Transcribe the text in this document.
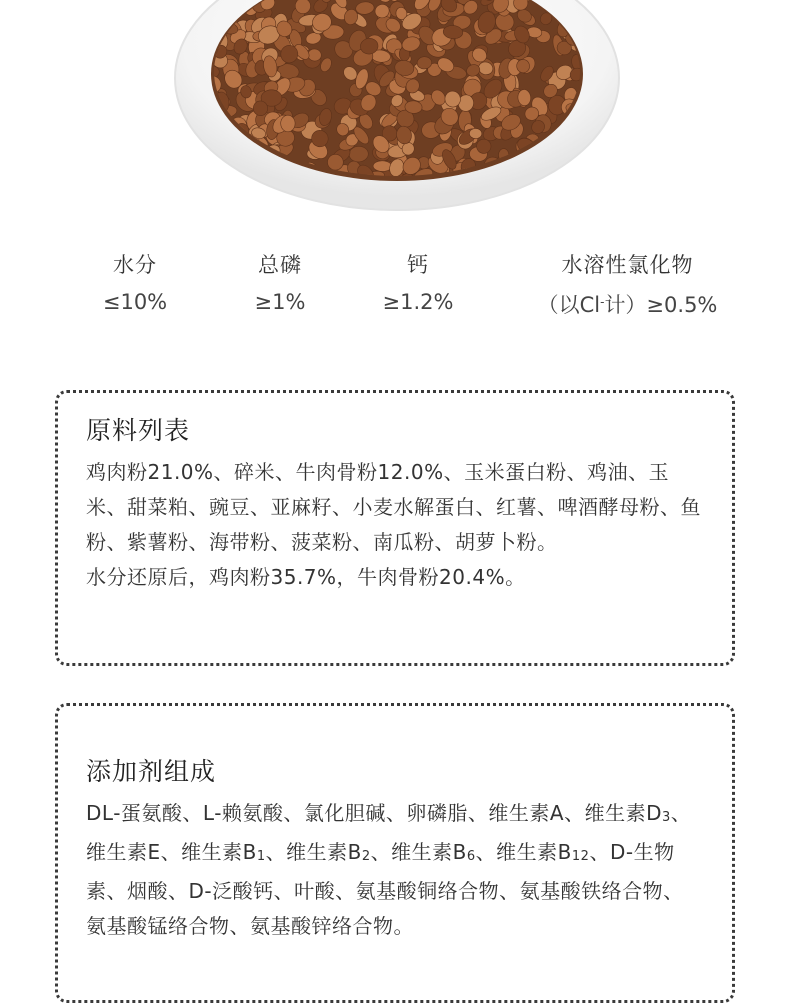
水分
≤10%
总磷
≥1%
钙
≥1.2%
水溶性氯化物
（以Cl-计）≥0.5%
原料列表

鸡肉粉21.0%、碎米、牛肉骨粉12.0%、玉米蛋白粉、鸡油、玉米、甜菜粕、豌豆、亚麻籽、小麦水解蛋白、红薯、啤酒酵母粉、鱼粉、紫薯粉、海带粉、菠菜粉、南瓜粉、胡萝卜粉。

水分还原后，鸡肉粉35.7%，牛肉骨粉20.4%。

添加剂组成
DL-蛋氨酸、L-赖氨酸、氯化胆碱、卵磷脂、维生素A、维生素$D_3$、维生素E、维生素$B_1$、维生素$B_2$、维生素$B_6$、维生素$B_{12}$、D-生物素、烟酸、D-泛酸钙、叶酸、氨基酸铜络合物、氨基酸铁络合物、氨基酸锰络合物、氨基酸锌络合物。
